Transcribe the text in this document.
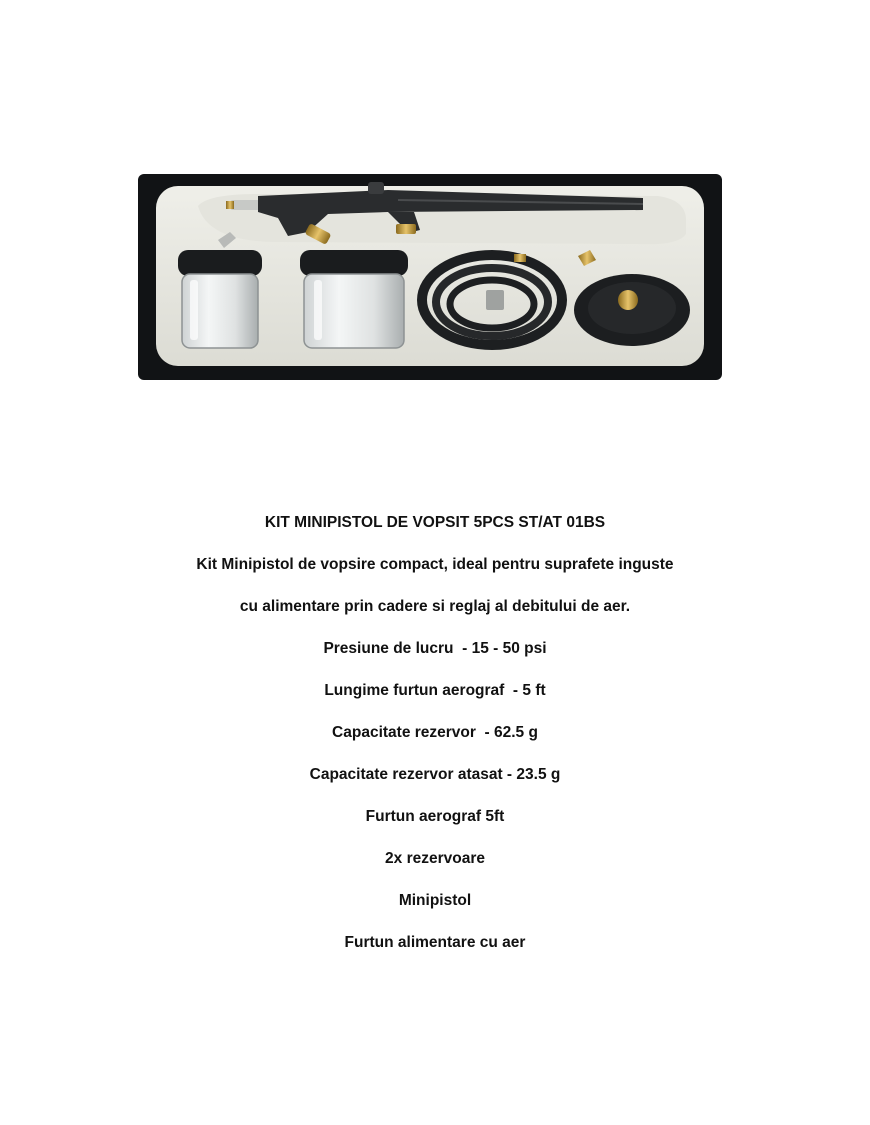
KIT MINIPISTOL DE VOPSIT 5PCS ST/AT 01BS
Kit Minipistol de vopsire compact, ideal pentru suprafete inguste
cu alimentare prin cadere si reglaj al debitului de aer.
Presiune de lucru  - 15 - 50 psi
Lungime furtun aerograf  - 5 ft
Capacitate rezervor  - 62.5 g
Capacitate rezervor atasat - 23.5 g
Furtun aerograf 5ft
2x rezervoare
Minipistol
Furtun alimentare cu aer
